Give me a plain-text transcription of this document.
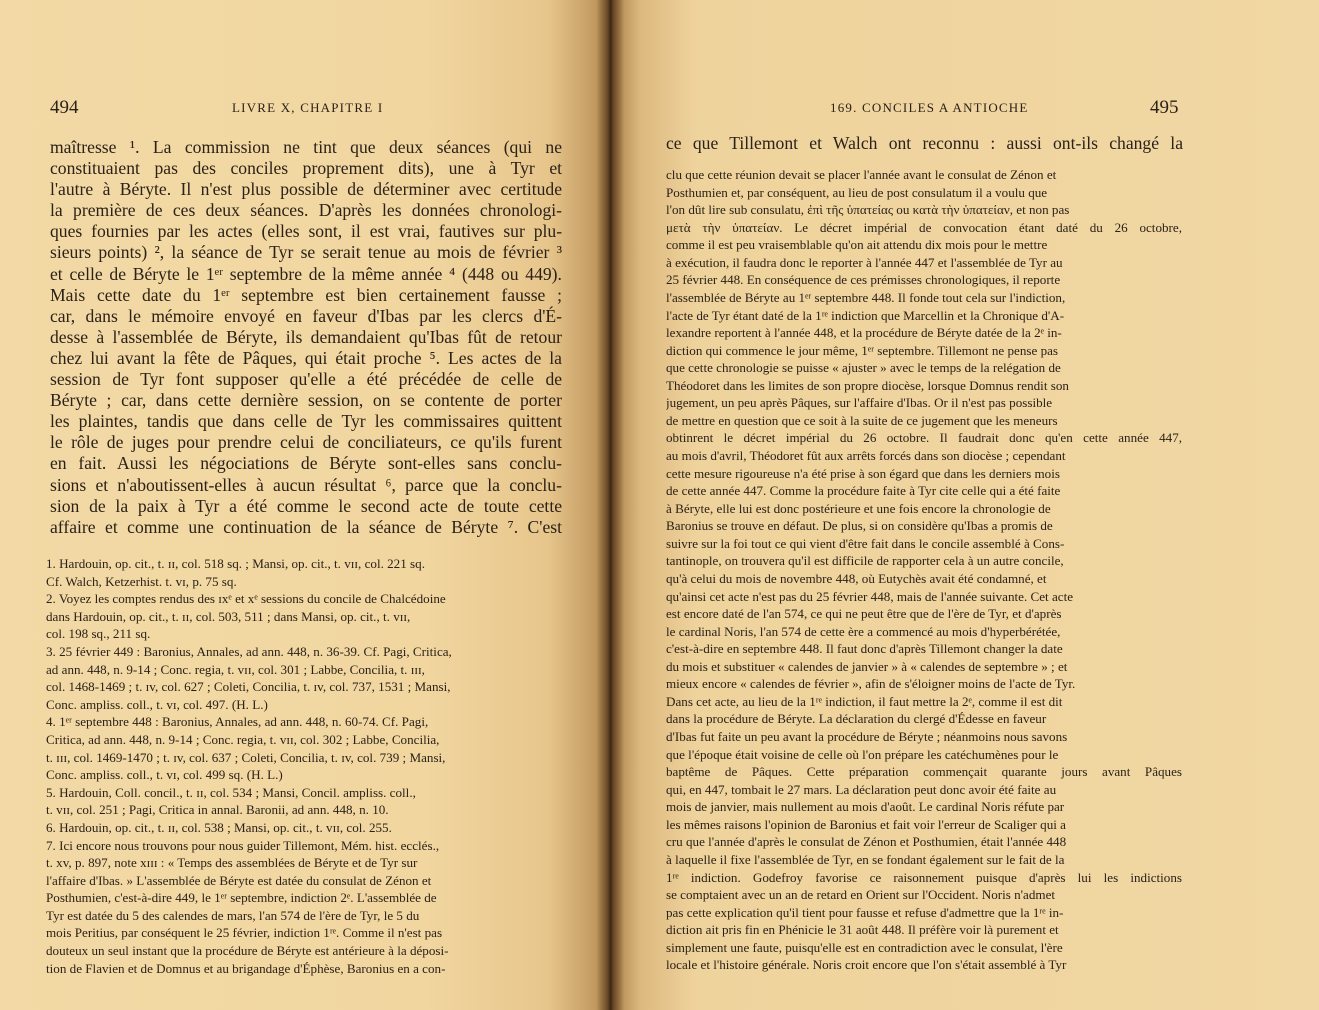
494	LIVRE X, CHAPITRE I
maîtresse ¹. La commission ne tint que deux séances (qui ne
constituaient pas des conciles proprement dits), une à Tyr et
l'autre à Béryte. Il n'est plus possible de déterminer avec certitude
la première de ces deux séances. D'après les données chronologi-
ques fournies par les actes (elles sont, il est vrai, fautives sur plu-
sieurs points) ², la séance de Tyr se serait tenue au mois de février ³
et celle de Béryte le 1ᵉʳ septembre de la même année ⁴ (448 ou 449).
Mais cette date du 1ᵉʳ septembre est bien certainement fausse ;
car, dans le mémoire envoyé en faveur d'Ibas par les clercs d'É-
desse à l'assemblée de Béryte, ils demandaient qu'Ibas fût de retour
chez lui avant la fête de Pâques, qui était proche ⁵. Les actes de la
session de Tyr font supposer qu'elle a été précédée de celle de
Béryte ; car, dans cette dernière session, on se contente de porter
les plaintes, tandis que dans celle de Tyr les commissaires quittent
le rôle de juges pour prendre celui de conciliateurs, ce qu'ils furent
en fait. Aussi les négociations de Béryte sont-elles sans conclu-
sions et n'aboutissent-elles à aucun résultat ⁶, parce que la conclu-
sion de la paix à Tyr a été comme le second acte de toute cette
affaire et comme une continuation de la séance de Béryte ⁷. C'est
1. Hardouin, op. cit., t. ɪɪ, col. 518 sq. ; Mansi, op. cit., t. vɪɪ, col. 221 sq.
Cf. Walch, Ketzerhist. t. vɪ, p. 75 sq.
2. Voyez les comptes rendus des ɪxᵉ et xᵉ sessions du concile de Chalcédoine
dans Hardouin, op. cit., t. ɪɪ, col. 503, 511 ; dans Mansi, op. cit., t. vɪɪ,
col. 198 sq., 211 sq.
3. 25 février 449 : Baronius, Annales, ad ann. 448, n. 36-39. Cf. Pagi, Critica,
ad ann. 448, n. 9-14 ; Conc. regia, t. vɪɪ, col. 301 ; Labbe, Concilia, t. ɪɪɪ,
col. 1468-1469 ; t. ɪv, col. 627 ; Coleti, Concilia, t. ɪv, col. 737, 1531 ; Mansi,
Conc. ampliss. coll., t. vɪ, col. 497. (H. L.)
4. 1ᵉʳ septembre 448 : Baronius, Annales, ad ann. 448, n. 60-74. Cf. Pagi,
Critica, ad ann. 448, n. 9-14 ; Conc. regia, t. vɪɪ, col. 302 ; Labbe, Concilia,
t. ɪɪɪ, col. 1469-1470 ; t. ɪv, col. 637 ; Coleti, Concilia, t. ɪv, col. 739 ; Mansi,
Conc. ampliss. coll., t. vɪ, col. 499 sq. (H. L.)
5. Hardouin, Coll. concil., t. ɪɪ, col. 534 ; Mansi, Concil. ampliss. coll.,
t. vɪɪ, col. 251 ; Pagi, Critica in annal. Baronii, ad ann. 448, n. 10.
6. Hardouin, op. cit., t. ɪɪ, col. 538 ; Mansi, op. cit., t. vɪɪ, col. 255.
7. Ici encore nous trouvons pour nous guider Tillemont, Mém. hist. ecclés.,
t. xv, p. 897, note xɪɪɪ : « Temps des assemblées de Béryte et de Tyr sur
l'affaire d'Ibas. » L'assemblée de Béryte est datée du consulat de Zénon et
Posthumien, c'est-à-dire 449, le 1ᵉʳ septembre, indiction 2ᵉ. L'assemblée de
Tyr est datée du 5 des calendes de mars, l'an 574 de l'ère de Tyr, le 5 du
mois Peritius, par conséquent le 25 février, indiction 1ʳᵉ. Comme il n'est pas
douteux un seul instant que la procédure de Béryte est antérieure à la déposi-
tion de Flavien et de Domnus et au brigandage d'Éphèse, Baronius en a con-
169. CONCILES A ANTIOCHE	495
ce que Tillemont et Walch ont reconnu : aussi ont-ils changé la
clu que cette réunion devait se placer l'année avant le consulat de Zénon et
Posthumien et, par conséquent, au lieu de post consulatum il a voulu que
l'on dût lire sub consulatu, ἐπὶ τῆς ὑπατείας ou κατὰ τὴν ὑπατείαν, et non pas
μετὰ τὴν ὑπατείαν. Le décret impérial de convocation étant daté du 26 octobre,
comme il est peu vraisemblable qu'on ait attendu dix mois pour le mettre
à exécution, il faudra donc le reporter à l'année 447 et l'assemblée de Tyr au
25 février 448. En conséquence de ces prémisses chronologiques, il reporte
l'assemblée de Béryte au 1ᵉʳ septembre 448. Il fonde tout cela sur l'indiction,
l'acte de Tyr étant daté de la 1ʳᵉ indiction que Marcellin et la Chronique d'A-
lexandre reportent à l'année 448, et la procédure de Béryte datée de la 2ᵉ in-
diction qui commence le jour même, 1ᵉʳ septembre. Tillemont ne pense pas
que cette chronologie se puisse « ajuster » avec le temps de la relégation de
Théodoret dans les limites de son propre diocèse, lorsque Domnus rendit son
jugement, un peu après Pâques, sur l'affaire d'Ibas. Or il n'est pas possible
de mettre en question que ce soit à la suite de ce jugement que les meneurs
obtinrent le décret impérial du 26 octobre. Il faudrait donc qu'en cette année 447,
au mois d'avril, Théodoret fût aux arrêts forcés dans son diocèse ; cependant
cette mesure rigoureuse n'a été prise à son égard que dans les derniers mois
de cette année 447. Comme la procédure faite à Tyr cite celle qui a été faite
à Béryte, elle lui est donc postérieure et une fois encore la chronologie de
Baronius se trouve en défaut. De plus, si on considère qu'Ibas a promis de
suivre sur la foi tout ce qui vient d'être fait dans le concile assemblé à Cons-
tantinople, on trouvera qu'il est difficile de rapporter cela à un autre concile,
qu'à celui du mois de novembre 448, où Eutychès avait été condamné, et
qu'ainsi cet acte n'est pas du 25 février 448, mais de l'année suivante. Cet acte
est encore daté de l'an 574, ce qui ne peut être que de l'ère de Tyr, et d'après
le cardinal Noris, l'an 574 de cette ère a commencé au mois d'hyperbérétée,
c'est-à-dire en septembre 448. Il faut donc d'après Tillemont changer la date
du mois et substituer « calendes de janvier » à « calendes de septembre » ; et
mieux encore « calendes de février », afin de s'éloigner moins de l'acte de Tyr.
Dans cet acte, au lieu de la 1ʳᵉ indiction, il faut mettre la 2ᵉ, comme il est dit
dans la procédure de Béryte. La déclaration du clergé d'Édesse en faveur
d'Ibas fut faite un peu avant la procédure de Béryte ; néanmoins nous savons
que l'époque était voisine de celle où l'on prépare les catéchumènes pour le
baptême de Pâques. Cette préparation commençait quarante jours avant Pâques
qui, en 447, tombait le 27 mars. La déclaration peut donc avoir été faite au
mois de janvier, mais nullement au mois d'août. Le cardinal Noris réfute par
les mêmes raisons l'opinion de Baronius et fait voir l'erreur de Scaliger qui a
cru que l'année d'après le consulat de Zénon et Posthumien, était l'année 448
à laquelle il fixe l'assemblée de Tyr, en se fondant également sur le fait de la
1ʳᵉ indiction. Godefroy favorise ce raisonnement puisque d'après lui les indictions
se comptaient avec un an de retard en Orient sur l'Occident. Noris n'admet
pas cette explication qu'il tient pour fausse et refuse d'admettre que la 1ʳᵉ in-
diction ait pris fin en Phénicie le 31 août 448. Il préfère voir là purement et
simplement une faute, puisqu'elle est en contradiction avec le consulat, l'ère
locale et l'histoire générale. Noris croit encore que l'on s'était assemblé à Tyr
